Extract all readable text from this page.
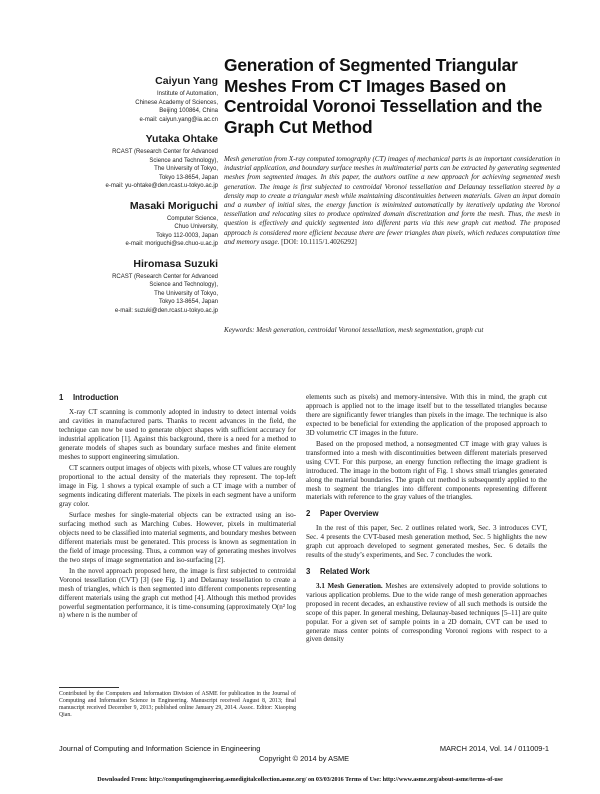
Caiyun Yang
Institute of Automation,
Chinese Academy of Sciences,
Beijing 100864, China
e-mail: caiyun.yang@ia.ac.cn
Yutaka Ohtake
RCAST (Research Center for Advanced
Science and Technology),
The University of Tokyo,
Tokyo 13-8654, Japan
e-mail: yu-ohtake@den.rcast.u-tokyo.ac.jp
Masaki Moriguchi
Computer Science,
Chuo University,
Tokyo 112-0003, Japan
e-mail: moriguchi@se.chuo-u.ac.jp
Hiromasa Suzuki
RCAST (Research Center for Advanced
Science and Technology),
The University of Tokyo,
Tokyo 13-8654, Japan
e-mail: suzuki@den.rcast.u-tokyo.ac.jp
Generation of Segmented Triangular Meshes From CT Images Based on Centroidal Voronoi Tessellation and the Graph Cut Method
Mesh generation from X-ray computed tomography (CT) images of mechanical parts is an important consideration in industrial application, and boundary surface meshes in multimaterial parts can be extracted by generating segmented meshes from segmented images. In this paper, the authors outline a new approach for achieving segmented mesh generation. The image is first subjected to centroidal Voronoi tessellation and Delaunay tessellation steered by a density map to create a triangular mesh while maintaining discontinuities between materials. Given an input domain and a number of initial sites, the energy function is minimized automatically by iteratively updating the Voronoi tessellation and relocating sites to produce optimized domain discretization and form the mesh. Thus, the mesh in question is effectively and quickly segmented into different parts via this new graph cut method. The proposed approach is considered more efficient because there are fewer triangles than pixels, which reduces computation time and memory usage. [DOI: 10.1115/1.4026292]
Keywords: Mesh generation, centroidal Voronoi tessellation, mesh segmentation, graph cut
1 Introduction

X-ray CT scanning is commonly adopted in industry to detect internal voids and cavities in manufactured parts. Thanks to recent advances in the field, the technique can now be used to generate object shapes with sufficient accuracy for industrial application [1]. Against this background, there is a need for a method to generate models of shapes such as boundary surface meshes and finite element meshes to support engineering simulation.

CT scanners output images of objects with pixels, whose CT values are roughly proportional to the actual density of the materials they represent. The top-left image in Fig. 1 shows a typical example of such a CT image with a number of segments indicating different materials. The pixels in each segment have a uniform gray color.

Surface meshes for single-material objects can be extracted using an iso-surfacing method such as Marching Cubes. However, pixels in multimaterial objects need to be classified into material segments, and boundary meshes between different materials must be generated. This process is known as segmentation in the field of image processing. Thus, a common way of generating meshes involves the two steps of image segmentation and iso-surfacing [2].

In the novel approach proposed here, the image is first subjected to centroidal Voronoi tessellation (CVT) [3] (see Fig. 1) and Delaunay tessellation to create a mesh of triangles, which is then segmented into different components representing different materials using the graph cut method [4]. Although this method provides powerful segmentation performance, it is time-consuming (approximately O(n² log n) where n is the number of

Contributed by the Computers and Information Division of ASME for publication in the Journal of Computing and Information Science in Engineering. Manuscript received August 8, 2013; final manuscript received December 9, 2013; published online January 29, 2014. Assoc. Editor: Xiaoping Qian.

elements such as pixels) and memory-intensive. With this in mind, the graph cut approach is applied not to the image itself but to the tessellated triangles because there are significantly fewer triangles than pixels in the image. The technique is also expected to be beneficial for extending the application of the proposed approach to 3D volumetric CT images in the future.

Based on the proposed method, a nonsegmented CT image with gray values is transformed into a mesh with discontinuities between different materials preserved using CVT. For this purpose, an energy function reflecting the image gradient is introduced. The image in the bottom right of Fig. 1 shows small triangles generated along the material boundaries. The graph cut method is subsequently applied to the mesh to segment the triangles into different components representing different materials with reference to the gray values of the triangles.

2 Paper Overview

In the rest of this paper, Sec. 2 outlines related work, Sec. 3 introduces CVT, Sec. 4 presents the CVT-based mesh generation method, Sec. 5 highlights the new graph cut approach developed to segment generated meshes, Sec. 6 details the results of the study’s experiments, and Sec. 7 concludes the work.

3 Related Work

3.1 Mesh Generation. Meshes are extensively adopted to provide solutions to various application problems. Due to the wide range of mesh generation approaches proposed in recent decades, an exhaustive review of all such methods is outside the scope of this paper. In general meshing, Delaunay-based techniques [5–11] are quite popular. For a given set of sample points in a 2D domain, CVT can be used to generate mass center points of corresponding Voronoi regions with respect to a given density

Journal of Computing and Information Science in Engineering	MARCH 2014, Vol. 14 / 011009-1
Copyright © 2014 by ASME
Downloaded From: http://computingengineering.asmedigitalcollection.asme.org/ on 03/03/2016 Terms of Use: http://www.asme.org/about-asme/terms-of-use
